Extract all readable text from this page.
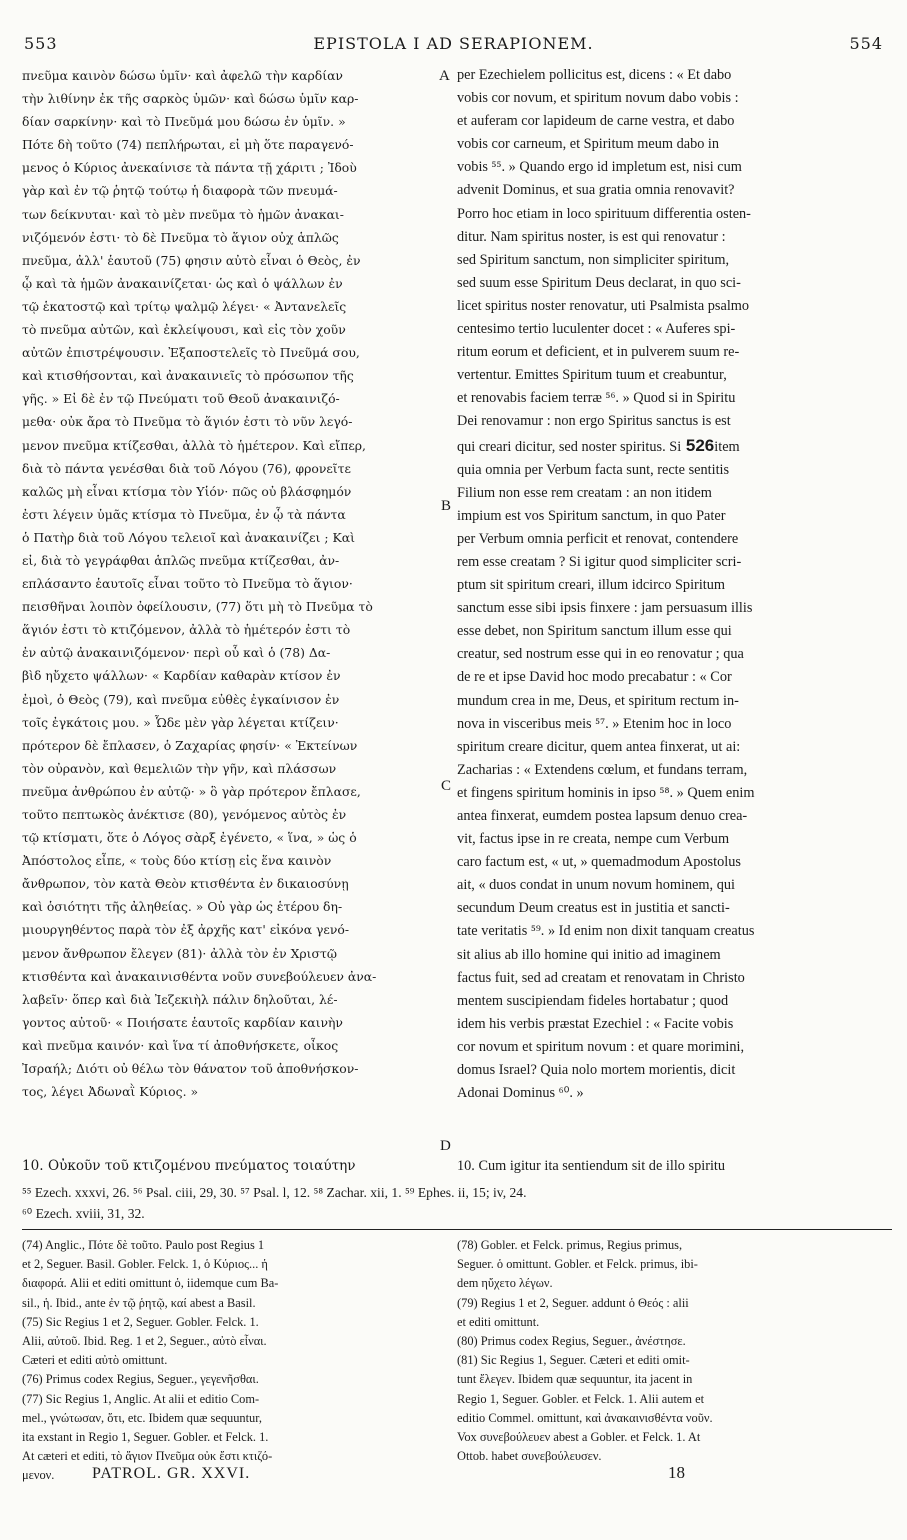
553	EPISTOLA I AD SERAPIONEM.	554
πνεῦμα καινὸν δώσω ὑμῖν· καὶ ἀφελῶ τὴν καρδίαν
τὴν λιθίνην ἐκ τῆς σαρκὸς ὑμῶν· καὶ δώσω ὑμῖν καρ-
δίαν σαρκίνην· καὶ τὸ Πνεῦμά μου δώσω ἐν ὑμῖν. »
Πότε δὴ τοῦτο (74) πεπλήρωται, εἰ μὴ ὅτε παραγενό-
μενος ὁ Κύριος ἀνεκαίνισε τὰ πάντα τῇ χάριτι ; Ἰδοὺ
γὰρ καὶ ἐν τῷ ῥητῷ τούτῳ ἡ διαφορὰ τῶν πνευμά-
των δείκνυται· καὶ τὸ μὲν πνεῦμα τὸ ἡμῶν ἀνακαι-
νιζόμενόν ἐστι· τὸ δὲ Πνεῦμα τὸ ἅγιον οὐχ ἁπλῶς
πνεῦμα, ἀλλ' ἑαυτοῦ (75) φησιν αὐτὸ εἶναι ὁ Θεὸς, ἐν
ᾧ καὶ τὰ ἡμῶν ἀνακαινίζεται· ὡς καὶ ὁ ψάλλων ἐν
τῷ ἑκατοστῷ καὶ τρίτῳ ψαλμῷ λέγει· « Ἀντανελεῖς
τὸ πνεῦμα αὐτῶν, καὶ ἐκλείψουσι, καὶ εἰς τὸν χοῦν
αὐτῶν ἐπιστρέψουσιν. Ἐξαποστελεῖς τὸ Πνεῦμά σου,
καὶ κτισθήσονται, καὶ ἀνακαινιεῖς τὸ πρόσωπον τῆς
γῆς. » Εἰ δὲ ἐν τῷ Πνεύματι τοῦ Θεοῦ ἀνακαινιζό-
μεθα· οὐκ ἄρα τὸ Πνεῦμα τὸ ἅγιόν ἐστι τὸ νῦν λεγό-
μενον πνεῦμα κτίζεσθαι, ἀλλὰ τὸ ἡμέτερον. Καὶ εἴπερ,
διὰ τὸ πάντα γενέσθαι διὰ τοῦ Λόγου (76), φρονεῖτε
καλῶς μὴ εἶναι κτίσμα τὸν Υἱόν· πῶς οὐ βλάσφημόν
ἐστι λέγειν ὑμᾶς κτίσμα τὸ Πνεῦμα, ἐν ᾧ τὰ πάντα
ὁ Πατὴρ διὰ τοῦ Λόγου τελειοῖ καὶ ἀνακαινίζει ; Καὶ
εἰ, διὰ τὸ γεγράφθαι ἁπλῶς πνεῦμα κτίζεσθαι, ἀν-
επλάσαντο ἑαυτοῖς εἶναι τοῦτο τὸ Πνεῦμα τὸ ἅγιον·
πεισθῆναι λοιπὸν ὀφείλουσιν, (77) ὅτι μὴ τὸ Πνεῦμα τὸ
ἅγιόν ἐστι τὸ κτιζόμενον, ἀλλὰ τὸ ἡμέτερόν ἐστι τὸ
ἐν αὐτῷ ἀνακαινιζόμενον· περὶ οὗ καὶ ὁ (78) Δα-
βὶδ ηὔχετο ψάλλων· « Καρδίαν καθαρὰν κτίσον ἐν
ἐμοὶ, ὁ Θεὸς (79), καὶ πνεῦμα εὐθὲς ἐγκαίνισον ἐν
τοῖς ἐγκάτοις μου. » Ὧδε μὲν γὰρ λέγεται κτίζειν·
πρότερον δὲ ἔπλασεν, ὁ Ζαχαρίας φησίν· « Ἐκτείνων
τὸν οὐρανὸν, καὶ θεμελιῶν τὴν γῆν, καὶ πλάσσων
πνεῦμα ἀνθρώπου ἐν αὐτῷ· » ὃ γὰρ πρότερον ἔπλασε,
τοῦτο πεπτωκὸς ἀνέκτισε (80), γενόμενος αὐτὸς ἐν
τῷ κτίσματι, ὅτε ὁ Λόγος σὰρξ ἐγένετο, « ἵνα, » ὡς ὁ
Ἀπόστολος εἶπε, « τοὺς δύο κτίσῃ εἰς ἕνα καινὸν
ἄνθρωπον, τὸν κατὰ Θεὸν κτισθέντα ἐν δικαιοσύνῃ
καὶ ὁσιότητι τῆς ἀληθείας. » Οὐ γὰρ ὡς ἑτέρου δη-
μιουργηθέντος παρὰ τὸν ἐξ ἀρχῆς κατ' εἰκόνα γενό-
μενον ἄνθρωπον ἔλεγεν (81)· ἀλλὰ τὸν ἐν Χριστῷ
κτισθέντα καὶ ἀνακαινισθέντα νοῦν συνεβούλευεν ἀνα-
λαβεῖν· ὅπερ καὶ διὰ Ἰεζεκιὴλ πάλιν δηλοῦται, λέ-
γοντος αὐτοῦ· « Ποιήσατε ἑαυτοῖς καρδίαν καινὴν
καὶ πνεῦμα καινόν· καὶ ἵνα τί ἀποθνήσκετε, οἶκος
Ἰσραήλ; Διότι οὐ θέλω τὸν θάνατον τοῦ ἀποθνήσκον-
τος, λέγει Ἀδωναῒ Κύριος. »
per Ezechielem pollicitus est, dicens : « Et dabo
vobis cor novum, et spiritum novum dabo vobis :
et auferam cor lapideum de carne vestra, et dabo
vobis cor carneum, et Spiritum meum dabo in
vobis ⁵⁵. » Quando ergo id impletum est, nisi cum
advenit Dominus, et sua gratia omnia renovavit?
Porro hoc etiam in loco spirituum differentia osten-
ditur. Nam spiritus noster, is est qui renovatur :
sed Spiritum sanctum, non simpliciter spiritum,
sed suum esse Spiritum Deus declarat, in quo sci-
licet spiritus noster renovatur, uti Psalmista psalmo
centesimo tertio luculenter docet : « Auferes spi-
ritum eorum et deficient, et in pulverem suum re-
vertentur. Emittes Spiritum tuum et creabuntur,
et renovabis faciem terræ ⁵⁶. » Quod si in Spiritu
Dei renovamur : non ergo Spiritus sanctus is est
qui creari dicitur, sed noster spiritus. Si 526item
quia omnia per Verbum facta sunt, recte sentitis
Filium non esse rem creatam : an non itidem
impium est vos Spiritum sanctum, in quo Pater
per Verbum omnia perficit et renovat, contendere
rem esse creatam ? Si igitur quod simpliciter scri-
ptum sit spiritum creari, illum idcirco Spiritum
sanctum esse sibi ipsis finxere : jam persuasum illis
esse debet, non Spiritum sanctum illum esse qui
creatur, sed nostrum esse qui in eo renovatur ; qua
de re et ipse David hoc modo precabatur : « Cor
mundum crea in me, Deus, et spiritum rectum in-
nova in visceribus meis ⁵⁷. » Etenim hoc in loco
spiritum creare dicitur, quem antea finxerat, ut ai:
Zacharias : « Extendens cœlum, et fundans terram,
et fingens spiritum hominis in ipso ⁵⁸. » Quem enim
antea finxerat, eumdem postea lapsum denuo crea-
vit, factus ipse in re creata, nempe cum Verbum
caro factum est, « ut, » quemadmodum Apostolus
ait, « duos condat in unum novum hominem, qui
secundum Deum creatus est in justitia et sancti-
tate veritatis ⁵⁹. » Id enim non dixit tanquam creatus
sit alius ab illo homine qui initio ad imaginem
factus fuit, sed ad creatam et renovatam in Christo
mentem suscipiendam fideles hortabatur ; quod
idem his verbis præstat Ezechiel : « Facite vobis
cor novum et spiritum novum : et quare morimini,
domus Israel? Quia nolo mortem morientis, dicit
Adonai Dominus ⁶⁰. »
A
B
C
D
10. Οὐκοῦν τοῦ κτιζομένου πνεύματος τοιαύτην	10. Cum igitur ita sentiendum sit de illo spiritu
⁵⁵ Ezech. xxxvi, 26. ⁵⁶ Psal. ciii, 29, 30. ⁵⁷ Psal. l, 12. ⁵⁸ Zachar. xii, 1. ⁵⁹ Ephes. ii, 15; iv, 24.
⁶⁰ Ezech. xviii, 31, 32.
(74) Anglic., Πότε δὲ τοῦτο. Paulo post Regius 1
et 2, Seguer. Basil. Gobler. Felck. 1, ὁ Κύριος... ἡ
διαφορά. Alii et editi omittunt ὁ, iidemque cum Ba-
sil., ἡ. Ibid., ante ἐν τῷ ῥητῷ, καί abest a Basil.
(75) Sic Regius 1 et 2, Seguer. Gobler. Felck. 1.
Alii, αὐτοῦ. Ibid. Reg. 1 et 2, Seguer., αὐτὸ εἶναι.
Cæteri et editi αὐτὸ omittunt.
(76) Primus codex Regius, Seguer., γεγενῆσθαι.
(77) Sic Regius 1, Anglic. At alii et editio Com-
mel., γνώτωσαν, ὅτι, etc. Ibidem quæ sequuntur,
ita exstant in Regio 1, Seguer. Gobler. et Felck. 1.
At cæteri et editi, τὸ ἅγιον Πνεῦμα οὐκ ἔστι κτιζό-
μενον.
(78) Gobler. et Felck. primus, Regius primus,
Seguer. ὁ omittunt. Gobler. et Felck. primus, ibi-
dem ηὔχετο λέγων.
(79) Regius 1 et 2, Seguer. addunt ὁ Θεός : alii
et editi omittunt.
(80) Primus codex Regius, Seguer., ἀνέστησε.
(81) Sic Regius 1, Seguer. Cæteri et editi omit-
tunt ἔλεγεν. Ibidem quæ sequuntur, ita jacent in
Regio 1, Seguer. Gobler. et Felck. 1. Alii autem et
editio Commel. omittunt, καὶ ἀνακαινισθέντα νοῦν.
Vox συνεβούλευεν abest a Gobler. et Felck. 1. At
Ottob. habet συνεβούλευσεν.
PATROL. GR. XXVI.	18
